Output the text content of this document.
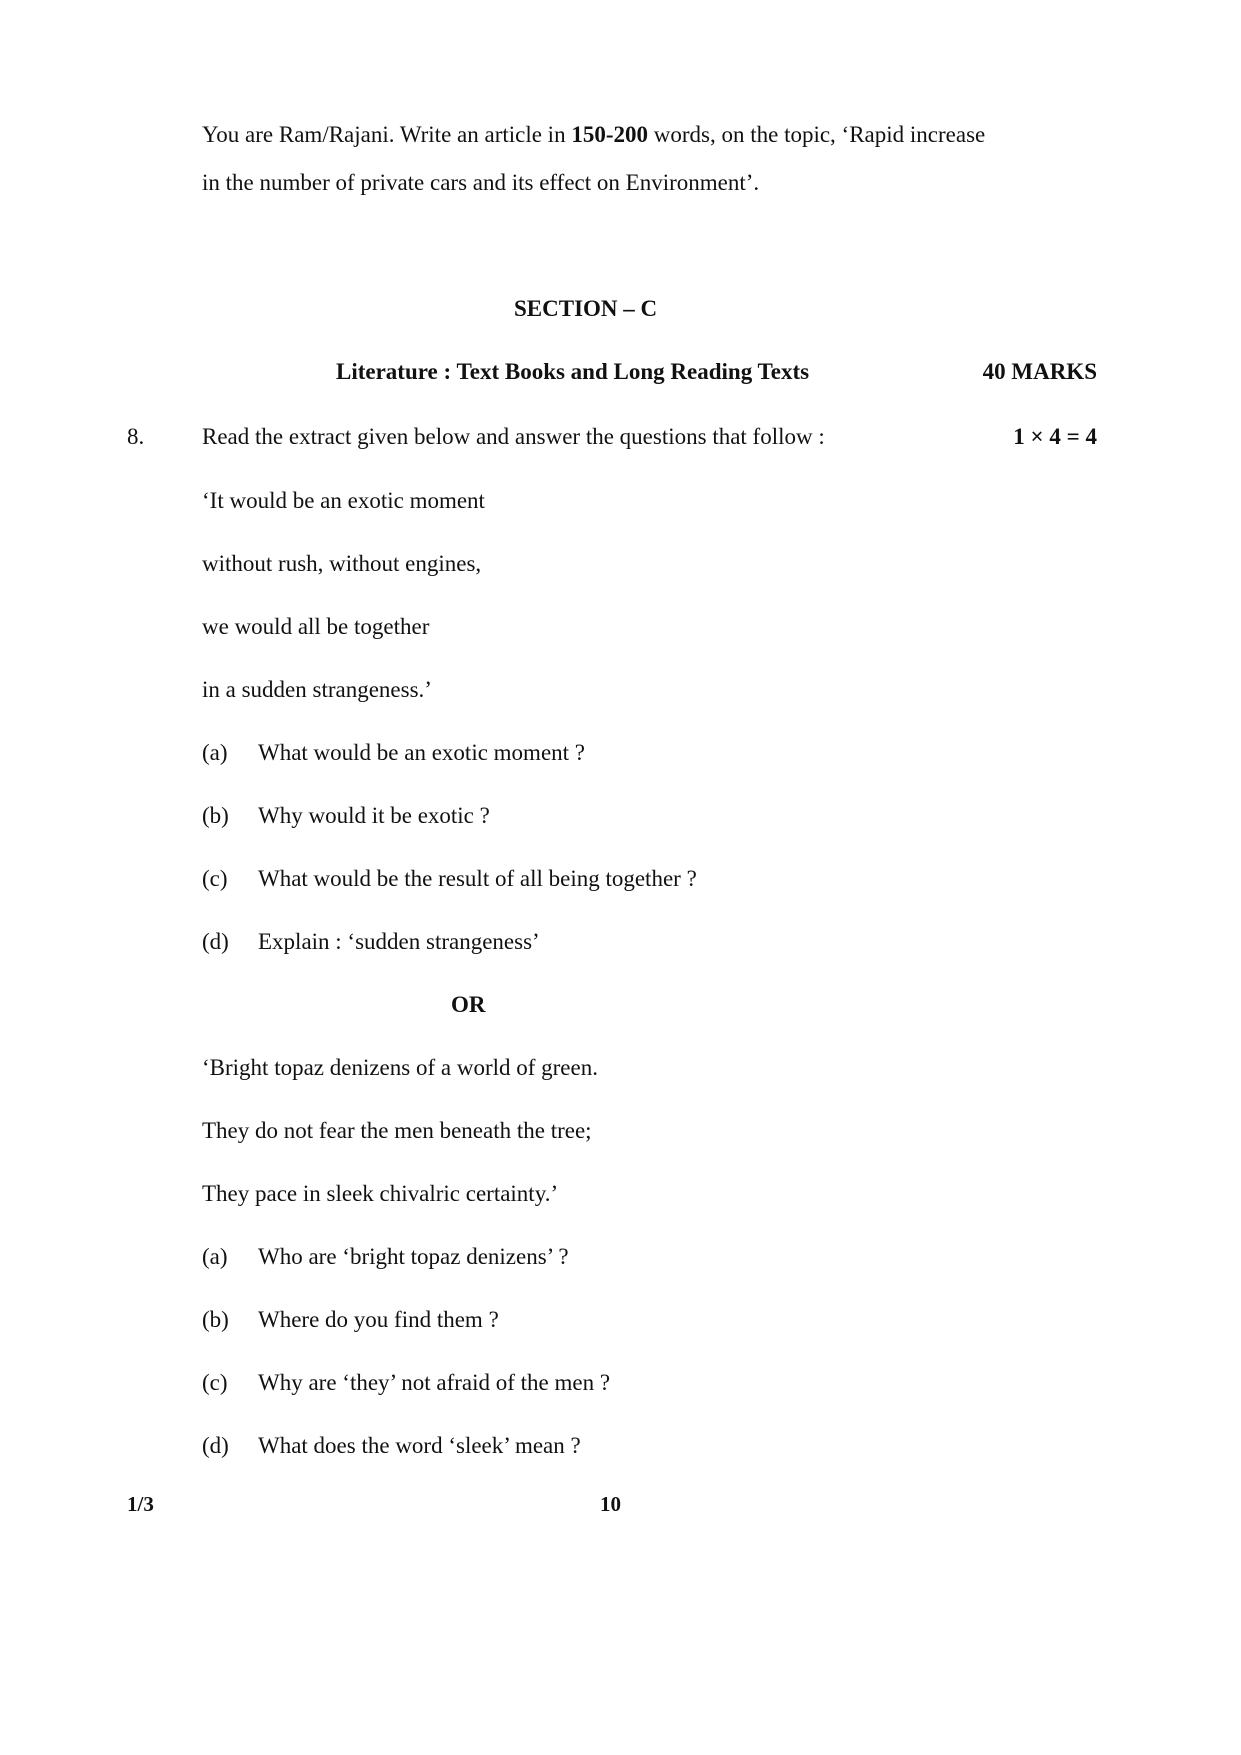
You are Ram/Rajani. Write an article in 150-200 words, on the topic, ‘Rapid increase
in the number of private cars and its effect on Environment’.
SECTION – C
Literature : Text Books and Long Reading Texts	40 MARKS
8.	Read the extract given below and answer the questions that follow :	1 × 4 = 4
‘It would be an exotic moment
without rush, without engines,
we would all be together
in a sudden strangeness.’
(a) What would be an exotic moment ?
(b) Why would it be exotic ?
(c) What would be the result of all being together ?
(d) Explain : ‘sudden strangeness’
OR
‘Bright topaz denizens of a world of green.
They do not fear the men beneath the tree;
They pace in sleek chivalric certainty.’
(a) Who are ‘bright topaz denizens’ ?
(b) Where do you find them ?
(c) Why are ‘they’ not afraid of the men ?
(d) What does the word ‘sleek’ mean ?
1/3	10
